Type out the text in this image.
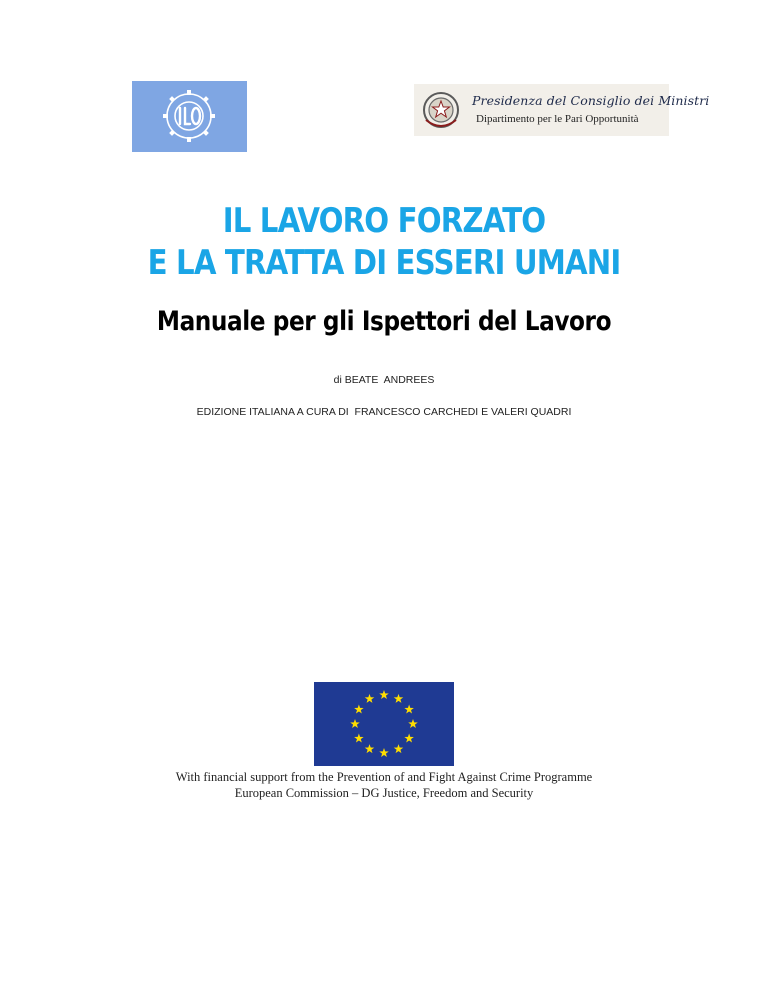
Presidenza del Consiglio dei Ministri
Dipartimento per le Pari Opportunità
IL LAVORO FORZATO
E LA TRATTA DI ESSERI UMANI
Manuale per gli Ispettori del Lavoro
di BEATE  ANDREES
EDIZIONE ITALIANA A CURA DI  FRANCESCO CARCHEDI E VALERI QUADRI
With financial support from the Prevention of and Fight Against Crime Programme
European Commission – DG Justice, Freedom and Security
